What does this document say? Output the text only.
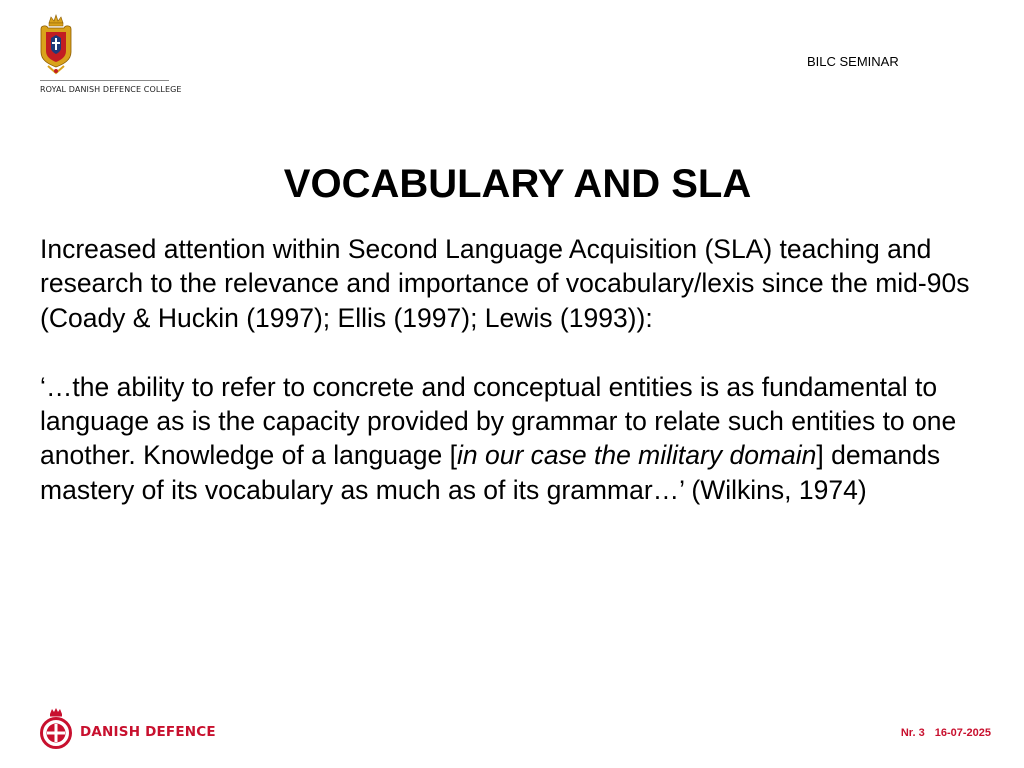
ROYAL DANISH DEFENCE COLLEGE
BILC SEMINAR
VOCABULARY AND SLA

Increased attention within Second Language Acquisition (SLA) teaching and research to the relevance and importance of vocabulary/lexis since the mid-90s (Coady & Huckin (1997); Ellis (1997); Lewis (1993)):

‘…the ability to refer to concrete and conceptual entities is as fundamental to language as is the capacity provided by grammar to relate such entities to one another. Knowledge of a language [in our case the military domain] demands mastery of its vocabulary as much as of its grammar…’ (Wilkins, 1974)

DANISH DEFENCE	Nr. 3 16-07-2025
